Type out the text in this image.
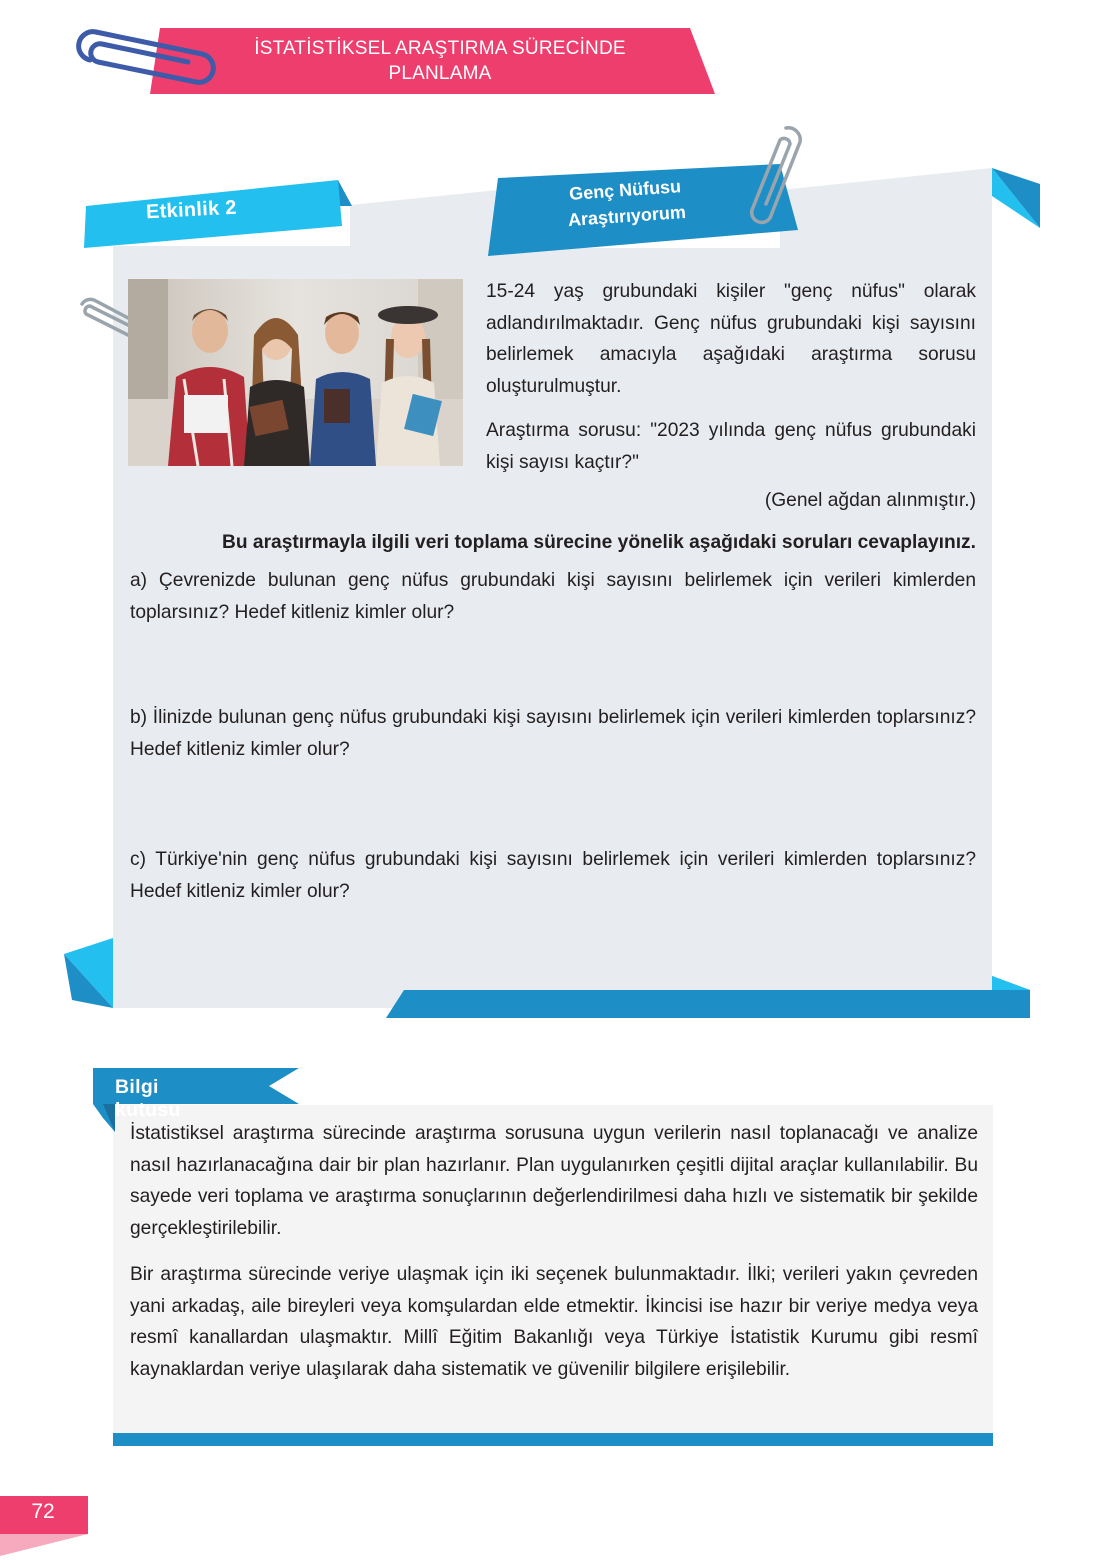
İSTATİSTİKSEL ARAŞTIRMA SÜRECİNDE
PLANLAMA
Etkinlik 2
Genç Nüfusu
Araştırıyorum

15-24 yaş grubundaki kişiler "genç nüfus" olarak adlandırılmaktadır. Genç nüfus grubundaki kişi sayısını belirlemek amacıyla aşağıdaki araştırma sorusu oluşturulmuştur.

Araştırma sorusu: "2023 yılında genç nüfus grubundaki kişi sayısı kaçtır?"

(Genel ağdan alınmıştır.)

Bu araştırmayla ilgili veri toplama sürecine yönelik aşağıdaki soruları cevaplayınız.

a) Çevrenizde bulunan genç nüfus grubundaki kişi sayısını belirlemek için verileri kimlerden toplarsınız? Hedef kitleniz kimler olur?

b) İlinizde bulunan genç nüfus grubundaki kişi sayısını belirlemek için verileri kimlerden toplarsınız? Hedef kitleniz kimler olur?

c) Türkiye'nin genç nüfus grubundaki kişi sayısını belirlemek için verileri kimlerden toplarsınız? Hedef kitleniz kimler olur?

Bilgi kutusu

İstatistiksel araştırma sürecinde araştırma sorusuna uygun verilerin nasıl toplanacağı ve analize nasıl hazırlanacağına dair bir plan hazırlanır. Plan uygulanırken çeşitli dijital araçlar kullanılabilir. Bu sayede veri toplama ve araştırma sonuçlarının değerlendirilmesi daha hızlı ve sistematik bir şekilde gerçekleştirilebilir.

Bir araştırma sürecinde veriye ulaşmak için iki seçenek bulunmaktadır. İlki; verileri yakın çevreden yani arkadaş, aile bireyleri veya komşulardan elde etmektir. İkincisi ise hazır bir veriye medya veya resmî kanallardan ulaşmaktır. Millî Eğitim Bakanlığı veya Türkiye İstatistik Kurumu gibi resmî kaynaklardan veriye ulaşılarak daha sistematik ve güvenilir bilgilere erişilebilir.

72
